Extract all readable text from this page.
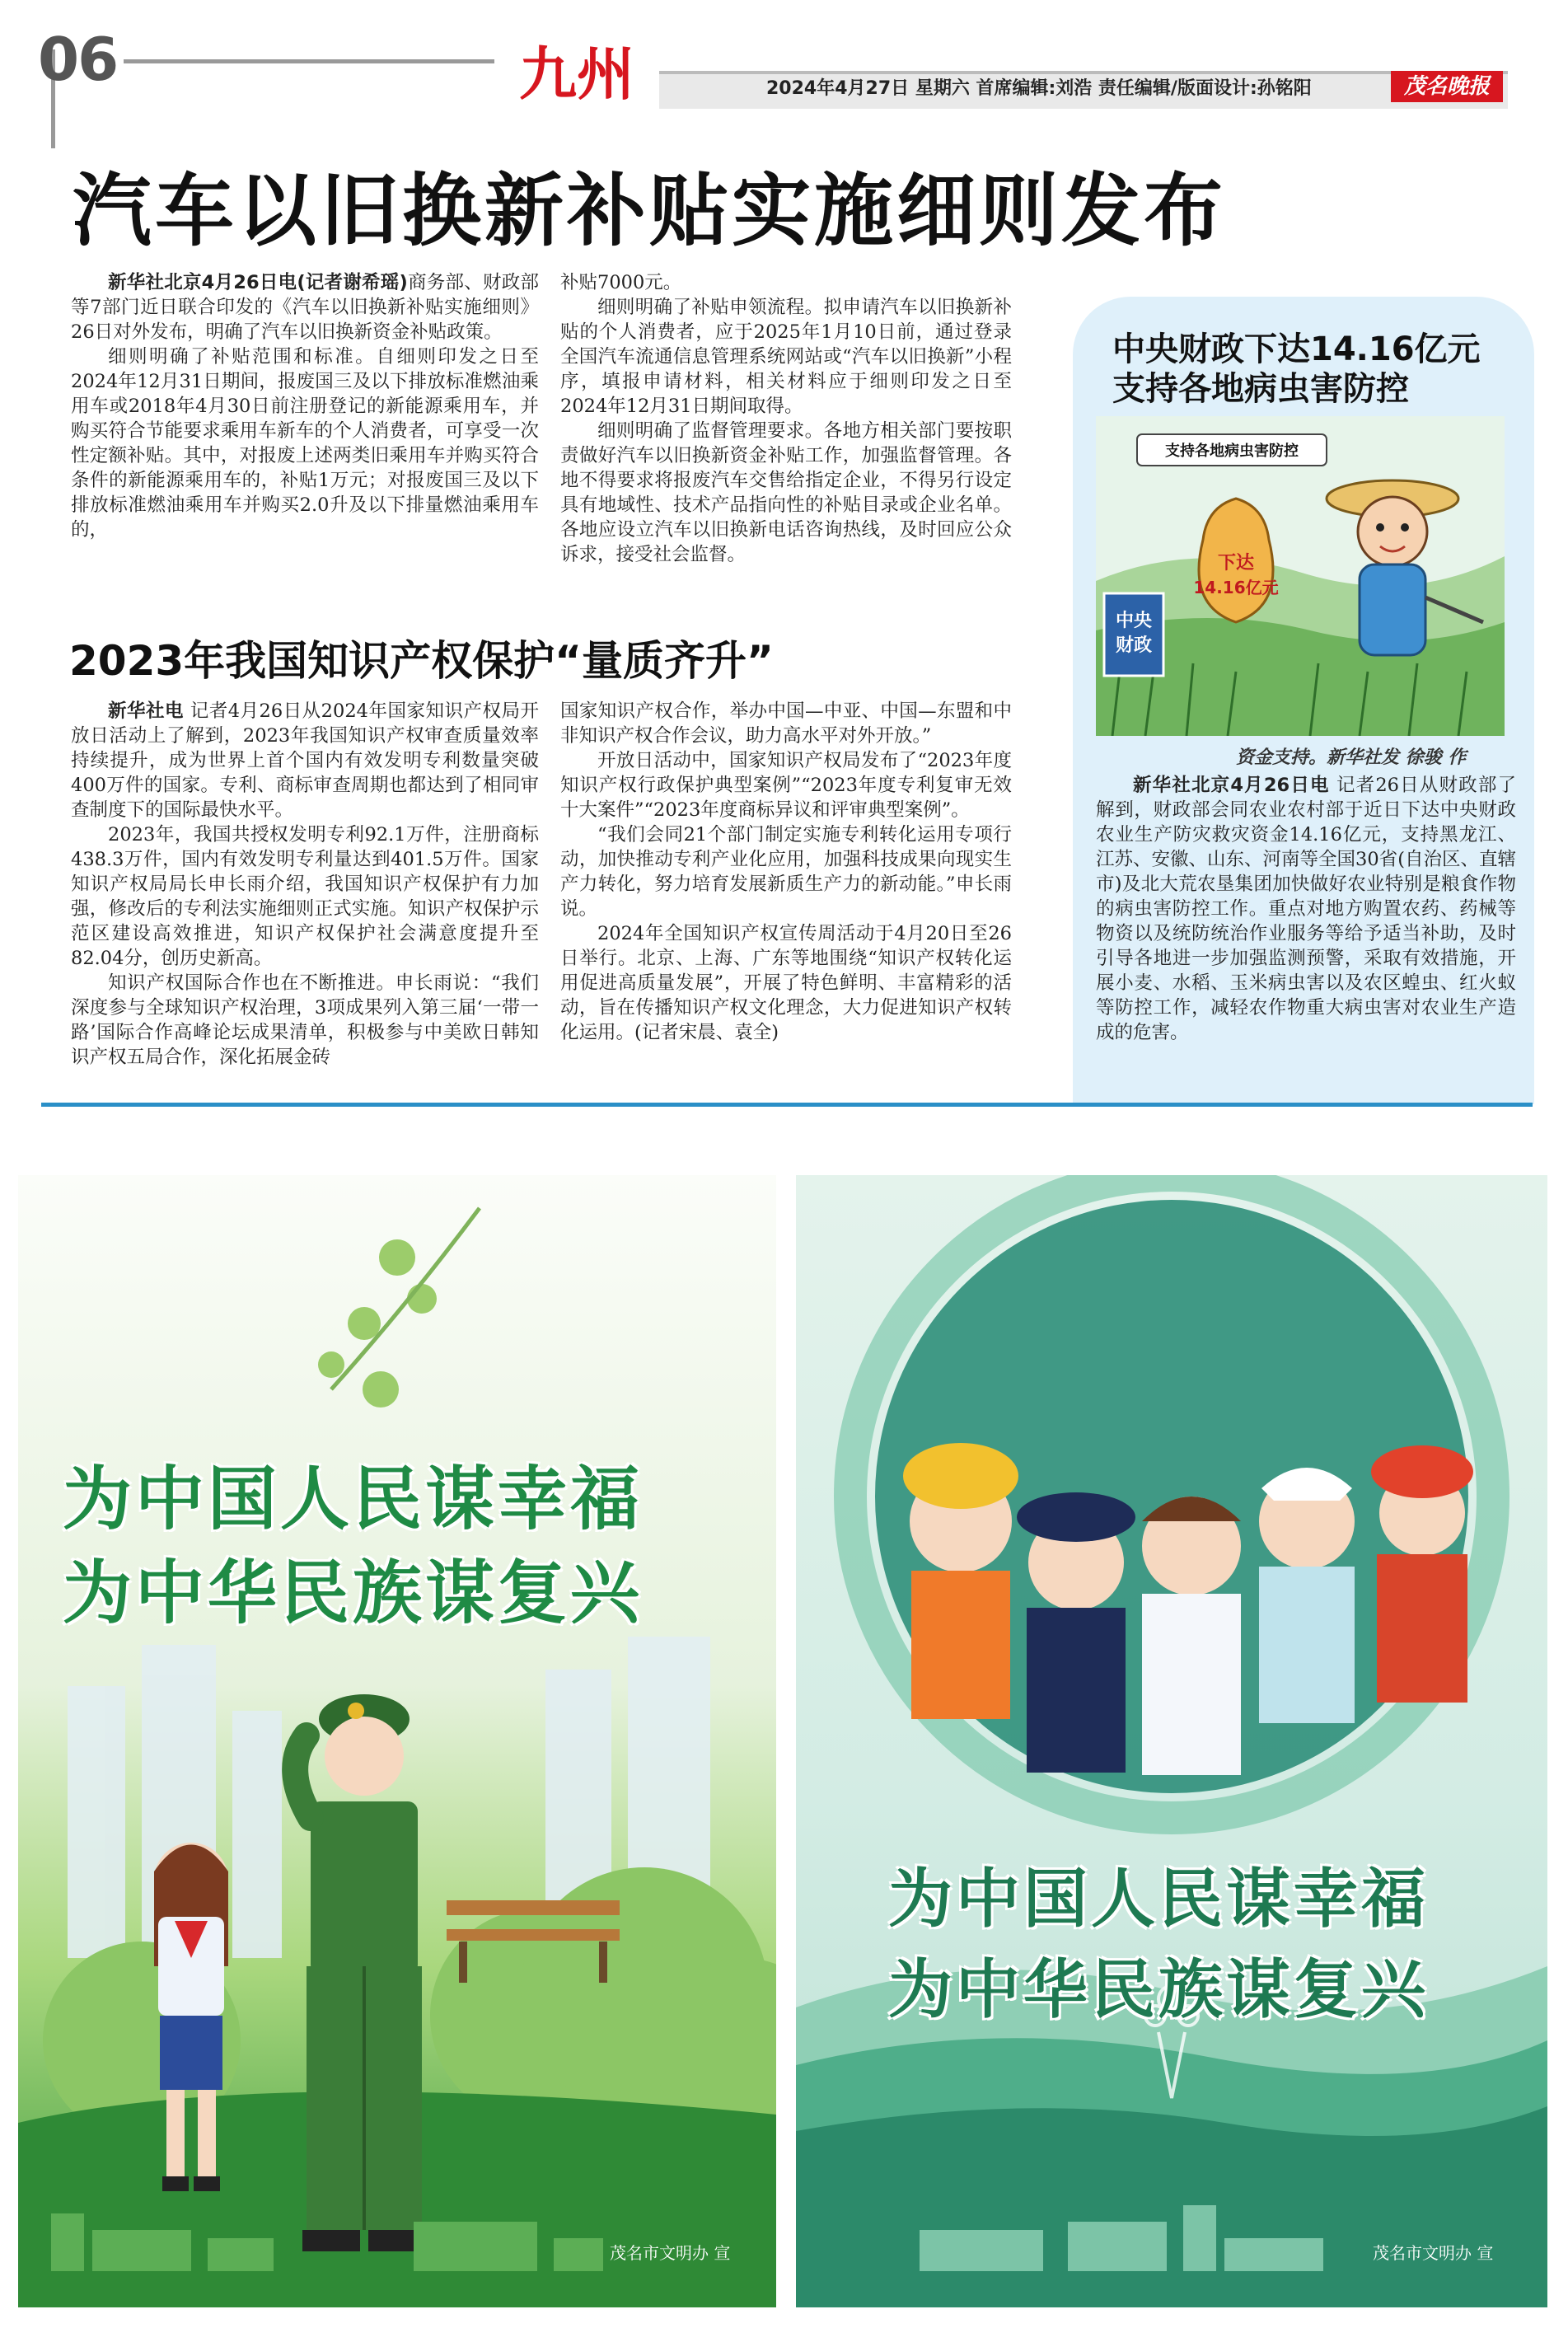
06	九州	2024年4月27日 星期六 首席编辑:刘浩 责任编辑/版面设计:孙铭阳	茂名晚报
汽车以旧换新补贴实施细则发布

新华社北京4月26日电(记者谢希瑶)商务部、财政部等7部门近日联合印发的《汽车以旧换新补贴实施细则》26日对外发布，明确了汽车以旧换新资金补贴政策。

细则明确了补贴范围和标准。自细则印发之日至2024年12月31日期间，报废国三及以下排放标准燃油乘用车或2018年4月30日前注册登记的新能源乘用车，并购买符合节能要求乘用车新车的个人消费者，可享受一次性定额补贴。其中，对报废上述两类旧乘用车并购买符合条件的新能源乘用车的，补贴1万元；对报废国三及以下排放标准燃油乘用车并购买2.0升及以下排量燃油乘用车的，

补贴7000元。

细则明确了补贴申领流程。拟申请汽车以旧换新补贴的个人消费者，应于2025年1月10日前，通过登录全国汽车流通信息管理系统网站或“汽车以旧换新”小程序，填报申请材料，相关材料应于细则印发之日至2024年12月31日期间取得。

细则明确了监督管理要求。各地方相关部门要按职责做好汽车以旧换新资金补贴工作，加强监督管理。各地不得要求将报废汽车交售给指定企业，不得另行设定具有地域性、技术产品指向性的补贴目录或企业名单。各地应设立汽车以旧换新电话咨询热线，及时回应公众诉求，接受社会监督。

2023年我国知识产权保护“量质齐升”

新华社电 记者4月26日从2024年国家知识产权局开放日活动上了解到，2023年我国知识产权审查质量效率持续提升，成为世界上首个国内有效发明专利数量突破400万件的国家。专利、商标审查周期也都达到了相同审查制度下的国际最快水平。

2023年，我国共授权发明专利92.1万件，注册商标438.3万件，国内有效发明专利量达到401.5万件。国家知识产权局局长申长雨介绍，我国知识产权保护有力加强，修改后的专利法实施细则正式实施。知识产权保护示范区建设高效推进，知识产权保护社会满意度提升至82.04分，创历史新高。

知识产权国际合作也在不断推进。申长雨说：“我们深度参与全球知识产权治理，3项成果列入第三届‘一带一路’国际合作高峰论坛成果清单，积极参与中美欧日韩知识产权五局合作，深化拓展金砖

国家知识产权合作，举办中国—中亚、中国—东盟和中非知识产权合作会议，助力高水平对外开放。”

开放日活动中，国家知识产权局发布了“2023年度知识产权行政保护典型案例”“2023年度专利复审无效十大案件”“2023年度商标异议和评审典型案例”。

“我们会同21个部门制定实施专利转化运用专项行动，加快推动专利产业化应用，加强科技成果向现实生产力转化，努力培育发展新质生产力的新动能。”申长雨说。

2024年全国知识产权宣传周活动于4月20日至26日举行。北京、上海、广东等地围绕“知识产权转化运用促进高质量发展”，开展了特色鲜明、丰富精彩的活动，旨在传播知识产权文化理念，大力促进知识产权转化运用。(记者宋晨、袁全)

中央财政下达14.16亿元
支持各地病虫害防控
中央
财政
支持各地病虫害防控
下达
14.16亿元
资金支持。新华社发 徐骏 作

新华社北京4月26日电 记者26日从财政部了解到，财政部会同农业农村部于近日下达中央财政农业生产防灾救灾资金14.16亿元，支持黑龙江、江苏、安徽、山东、河南等全国30省(自治区、直辖市)及北大荒农垦集团加快做好农业特别是粮食作物的病虫害防控工作。重点对地方购置农药、药械等物资以及统防统治作业服务等给予适当补助，及时引导各地进一步加强监测预警，采取有效措施，开展小麦、水稻、玉米病虫害以及农区蝗虫、红火蚁等防控工作，减轻农作物重大病虫害对农业生产造成的危害。

为中国人民谋幸福
为中华民族谋复兴
茂名市文明办 宣
为中国人民谋幸福
为中华民族谋复兴
茂名市文明办 宣
